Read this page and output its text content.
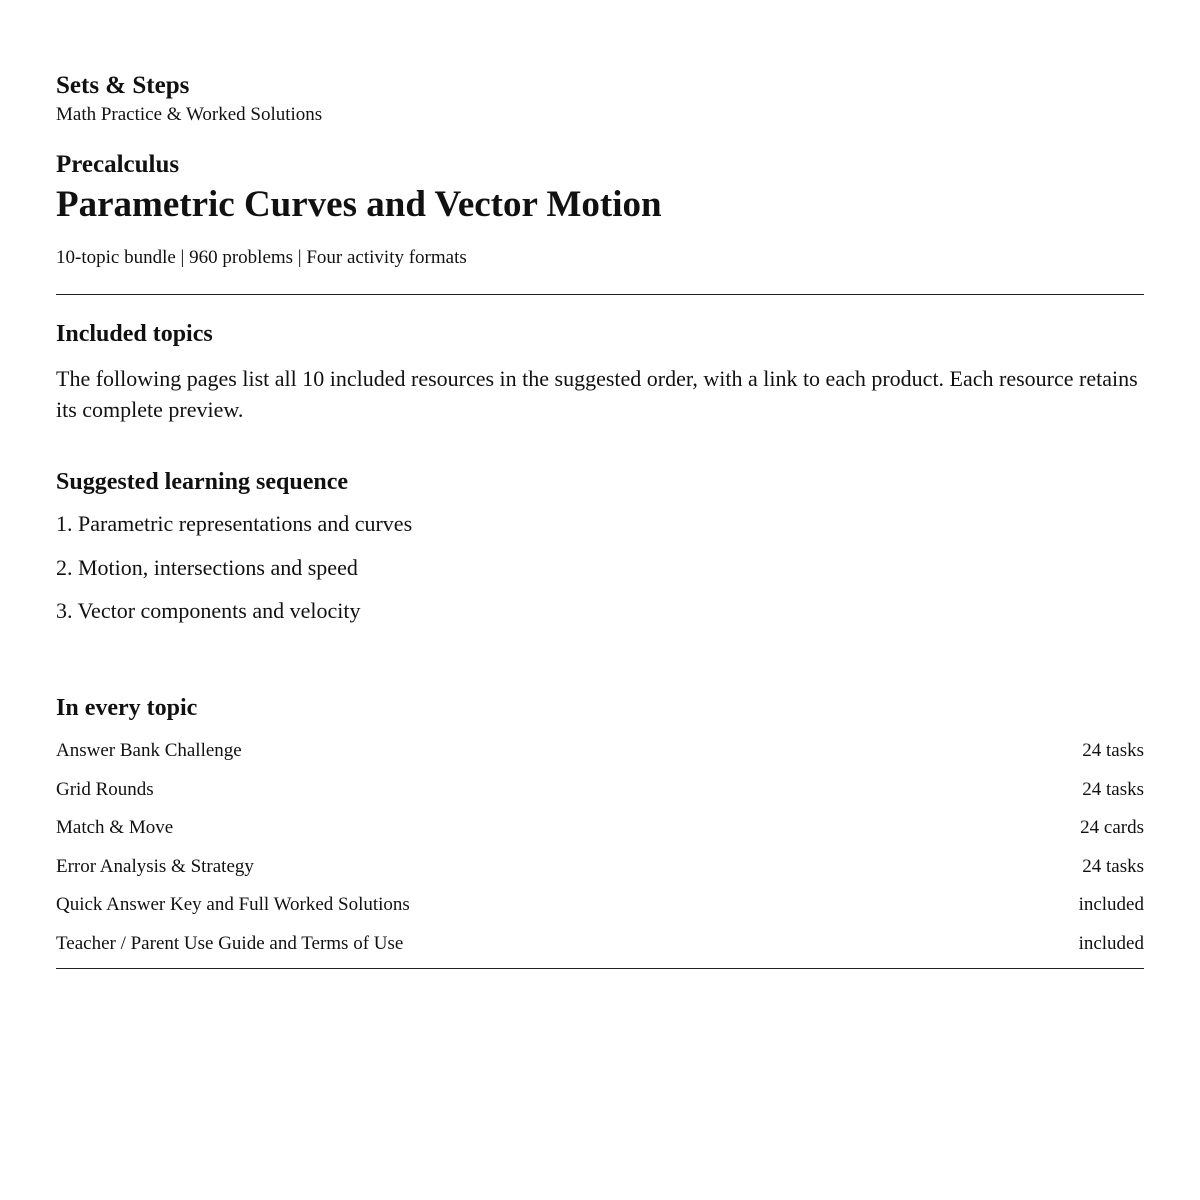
Sets & Steps
Math Practice & Worked Solutions
Precalculus
Parametric Curves and Vector Motion
10-topic bundle | 960 problems | Four activity formats
Included topics

The following pages list all 10 included resources in the suggested order, with a link to each product. Each resource retains its complete preview.

Suggested learning sequence
1. Parametric representations and curves
2. Motion, intersections and speed
3. Vector components and velocity
In every topic
Answer Bank Challenge	24 tasks
Grid Rounds	24 tasks
Match & Move	24 cards
Error Analysis & Strategy	24 tasks
Quick Answer Key and Full Worked Solutions	included
Teacher / Parent Use Guide and Terms of Use	included
